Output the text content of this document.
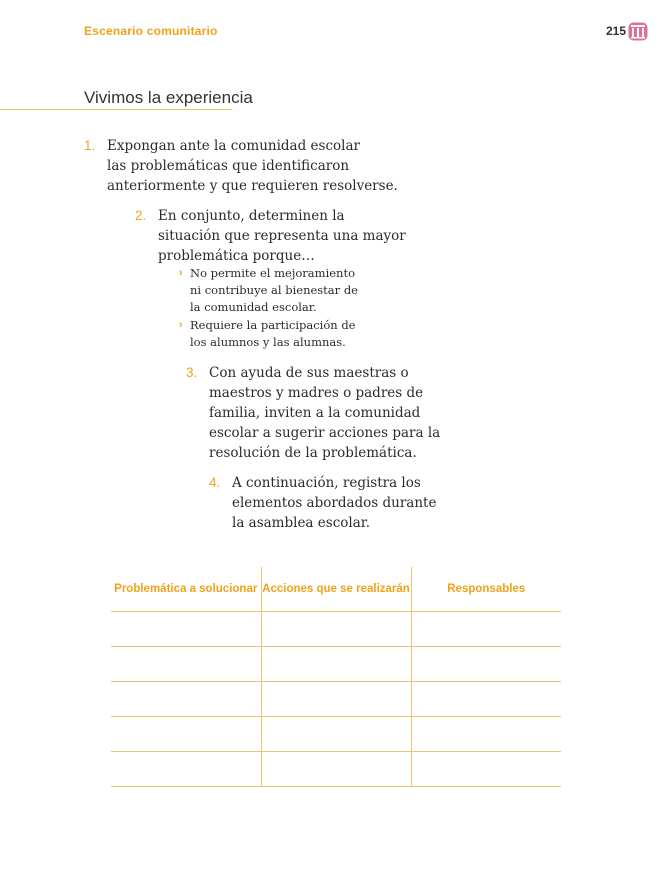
Escenario comunitario	215
Vivimos la experiencia
1. Expongan ante la comunidad escolar
las problemáticas que identificaron
anteriormente y que requieren resolverse.
2. En conjunto, determinen la
situación que representa una mayor
problemática porque…
› No permite el mejoramiento
ni contribuye al bienestar de
la comunidad escolar.
› Requiere la participación de
los alumnos y las alumnas.
3. Con ayuda de sus maestras o
maestros y madres o padres de
familia, inviten a la comunidad
escolar a sugerir acciones para la
resolución de la problemática.
4. A continuación, registra los
elementos abordados durante
la asamblea escolar.
Problemática a solucionar	Acciones que se realizarán	Responsables
